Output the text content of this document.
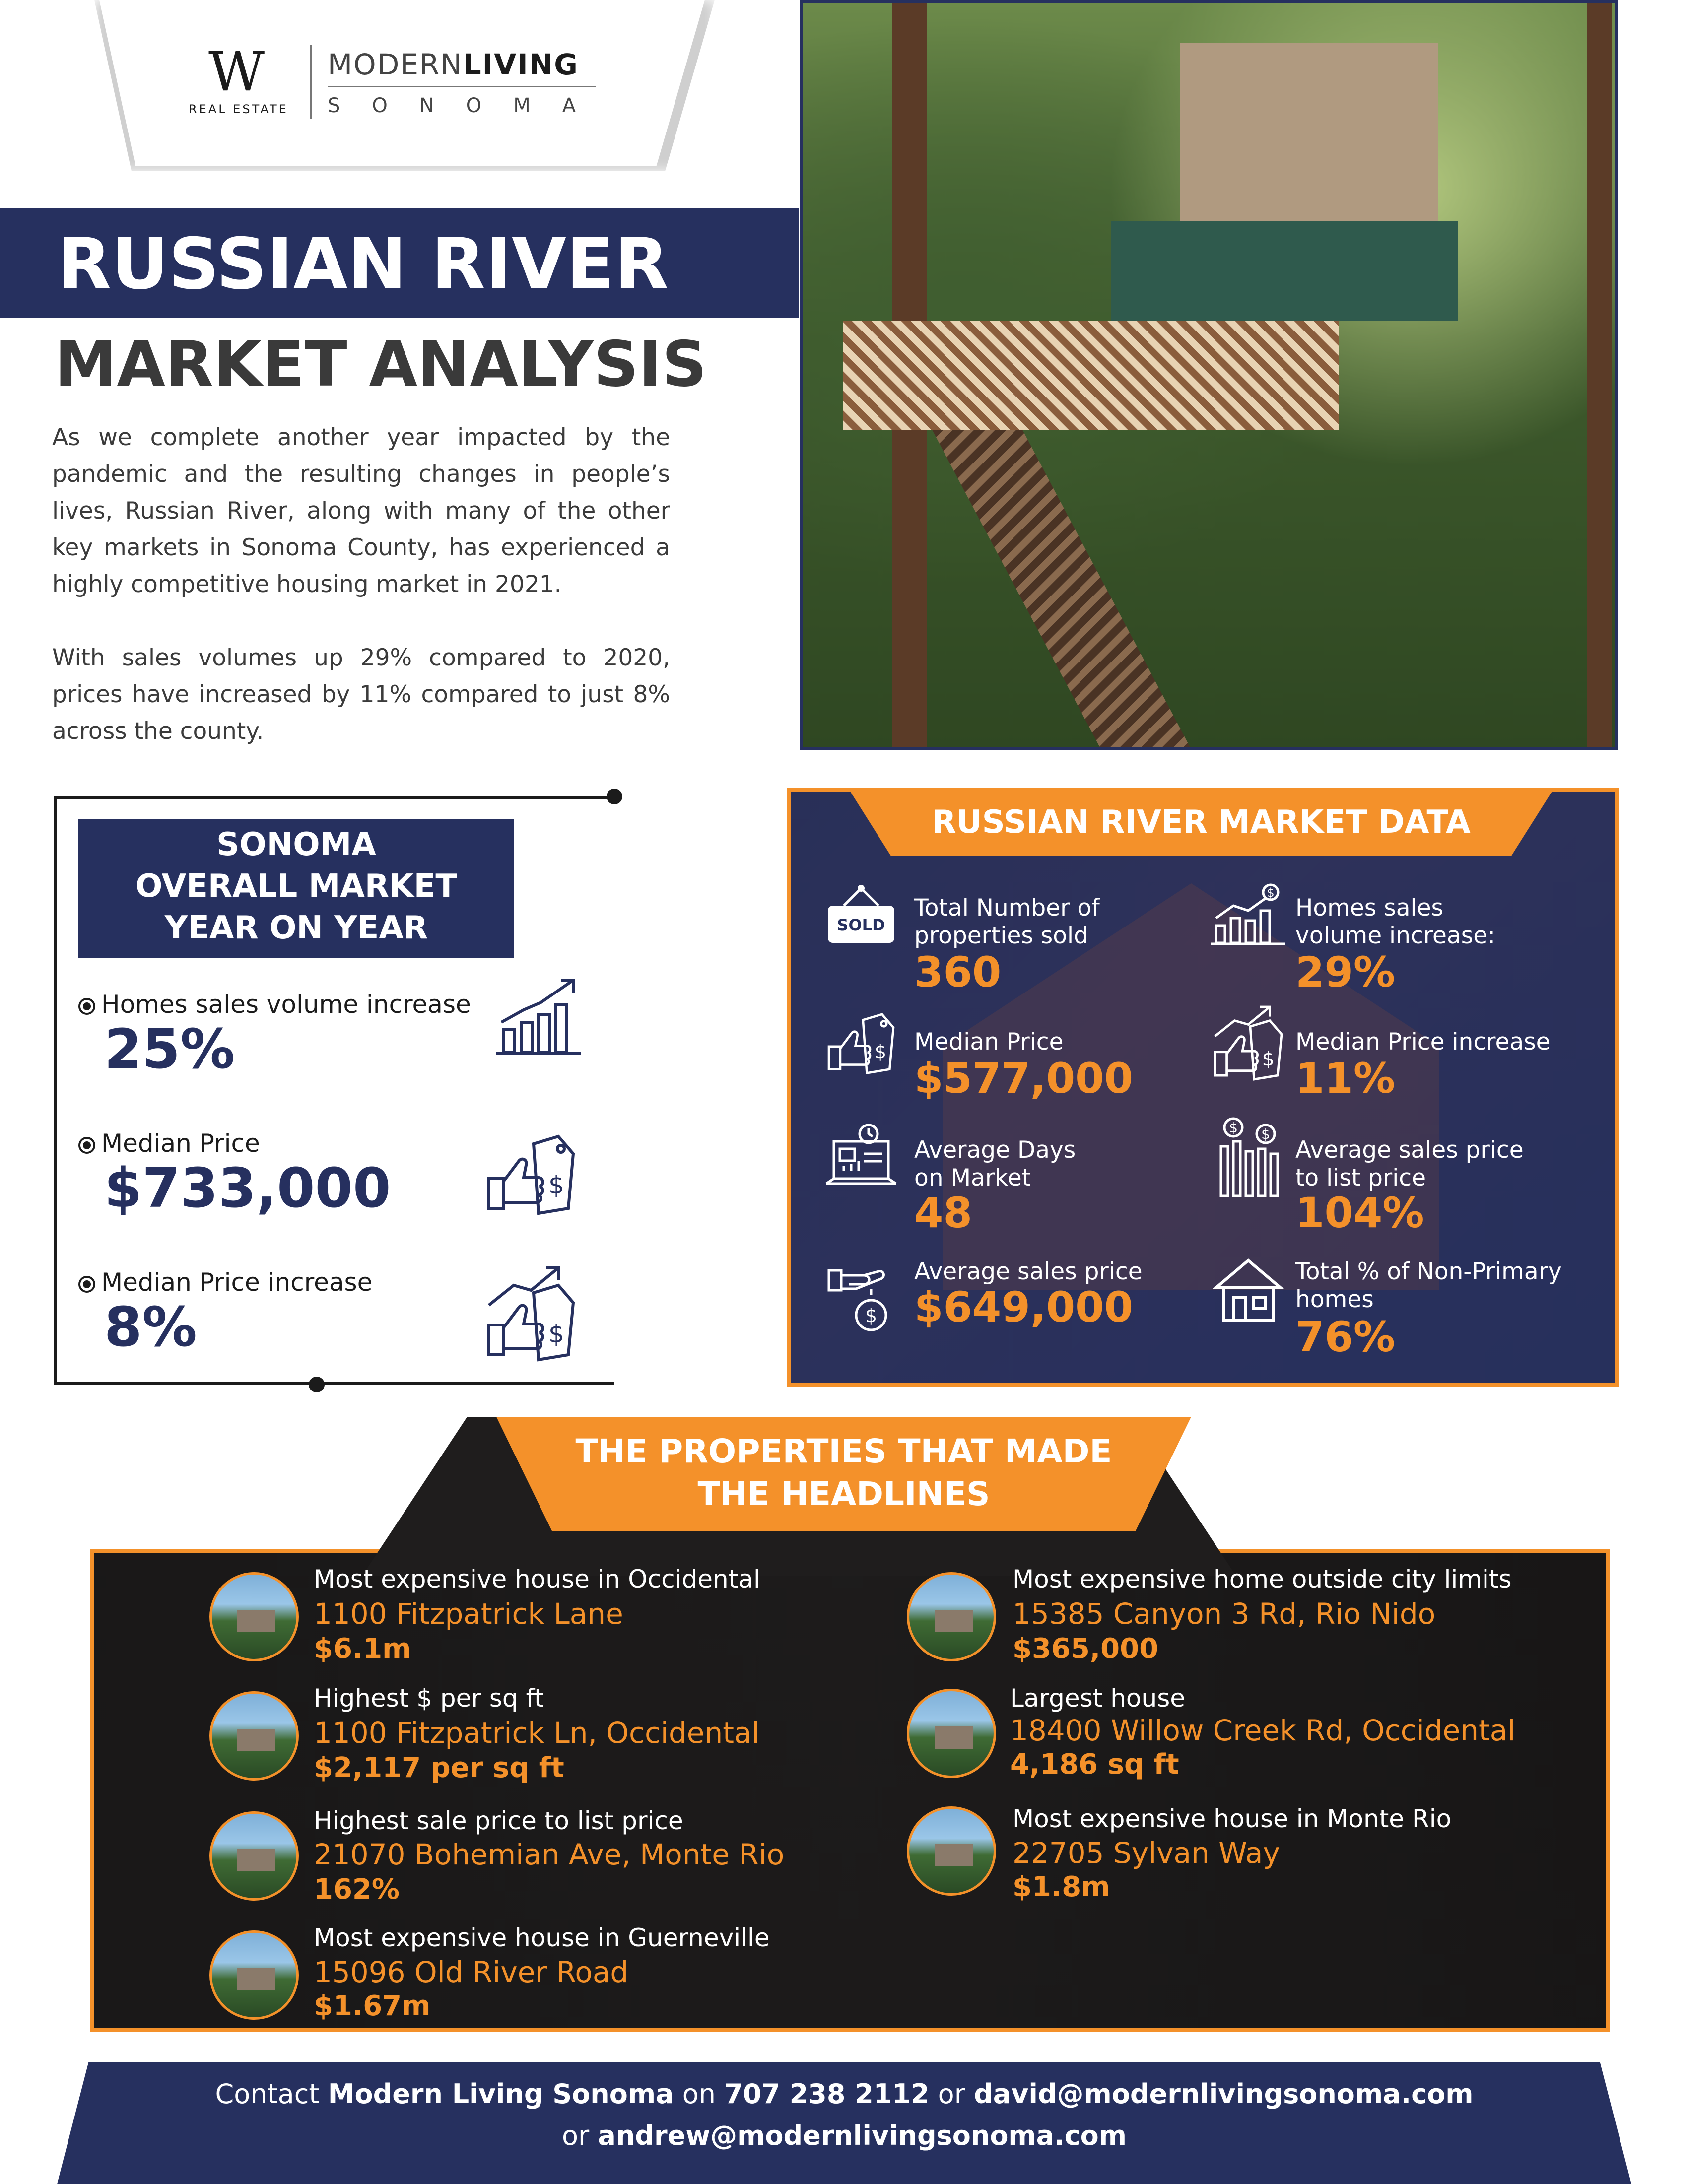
W
REAL ESTATE
MODERNLIVING
SONOMA
RUSSIAN RIVER
MARKET ANALYSIS

As we complete another year impacted by the pandemic and the resulting changes in people’s lives, Russian River, along with many of the other key markets in Sonoma County, has experienced a highly competitive housing market in 2021.

With sales volumes up 29% compared to 2020, prices have increased by 11% compared to just 8% across the county.

SONOMA
OVERALL MARKET
YEAR ON YEAR
Homes sales volume increase
25%
Median Price
$733,000	$
Median Price increase
8%	$
RUSSIAN RIVER MARKET DATA
SOLD
Total Number of
properties sold
360
$
Homes sales
volume increase:
29%
$ Median Price
$577,000	$
Median Price increase
11%
Average Days
on Market
48
$ $
Average sales price
to list price
104%
$
Average sales price
$649,000
Total % of Non-Primary
homes
76%
THE PROPERTIES THAT MADE
THE HEADLINES
Most expensive house in Occidental
1100 Fitzpatrick Lane
$6.1m
Highest $ per sq ft
1100 Fitzpatrick Ln, Occidental
$2,117 per sq ft
Highest sale price to list price
21070 Bohemian Ave, Monte Rio
162%
Most expensive house in Guerneville
15096 Old River Road
$1.67m
Most expensive home outside city limits
15385 Canyon 3 Rd, Rio Nido
$365,000
Largest house
18400 Willow Creek Rd, Occidental
4,186 sq ft
Most expensive house in Monte Rio
22705 Sylvan Way
$1.8m
Contact Modern Living Sonoma on 707 238 2112 or david@modernlivingsonoma.com
or andrew@modernlivingsonoma.com
